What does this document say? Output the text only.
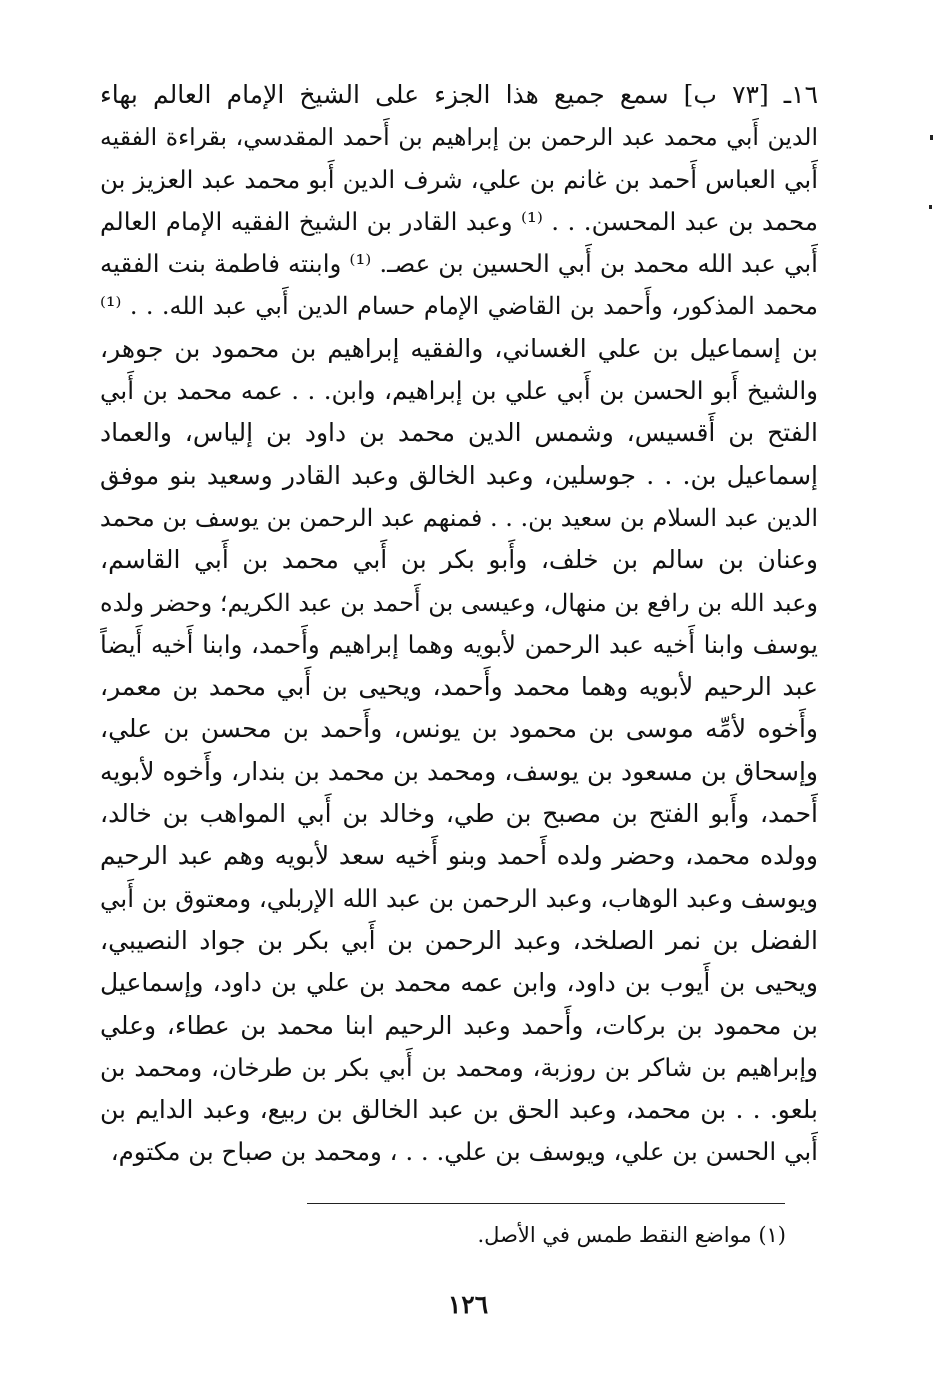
١٦ـ [٧٣ ب] سمع جميع هذا الجزء على الشيخ الإمام العالم بهاء
الدين أَبي محمد عبد الرحمن بن إبراهيم بن أَحمد المقدسي، بقراءة الفقيه
أَبي العباس أَحمد بن غانم بن علي، شرف الدين أَبو محمد عبد العزيز بن
محمد بن عبد المحسن. . . ⁽¹⁾ وعبد القادر بن الشيخ الفقيه الإمام العالم
أَبي عبد الله محمد بن أَبي الحسين بن عصـ. ⁽¹⁾ وابنته فاطمة بنت الفقيه
محمد المذكور، وأَحمد بن القاضي الإمام حسام الدين أَبي عبد الله. . . ⁽¹⁾
بن إسماعيل بن علي الغساني، والفقيه إبراهيم بن محمود بن جوهر،
والشيخ أَبو الحسن بن أَبي علي بن إبراهيم، وابن. . . عمه محمد بن أَبي
الفتح بن أَقسيس، وشمس الدين محمد بن داود بن إلياس، والعماد
إسماعيل بن. . . جوسلين، وعبد الخالق وعبد القادر وسعيد بنو موفق
الدين عبد السلام بن سعيد بن. . . فمنهم عبد الرحمن بن يوسف بن محمد
وعنان بن سالم بن خلف، وأَبو بكر بن أَبي محمد بن أَبي القاسم،
وعبد الله بن رافع بن منهال، وعيسى بن أَحمد بن عبد الكريم؛ وحضر ولده
يوسف وابنا أَخيه عبد الرحمن لأبويه وهما إبراهيم وأَحمد، وابنا أَخيه أَيضاً
عبد الرحيم لأبويه وهما محمد وأَحمد، ويحيى بن أَبي محمد بن معمر،
وأَخوه لأمِّه موسى بن محمود بن يونس، وأَحمد بن محسن بن علي،
وإسحاق بن مسعود بن يوسف، ومحمد بن محمد بن بندار، وأَخوه لأبويه
أَحمد، وأَبو الفتح بن مصبح بن طي، وخالد بن أَبي المواهب بن خالد،
وولده محمد، وحضر ولده أَحمد وبنو أَخيه سعد لأبويه وهم عبد الرحيم
ويوسف وعبد الوهاب، وعبد الرحمن بن عبد الله الإربلي، ومعتوق بن أَبي
الفضل بن نمر الصلخد، وعبد الرحمن بن أَبي بكر بن جواد النصيبي،
ويحيى بن أَيوب بن داود، وابن عمه محمد بن علي بن داود، وإسماعيل
بن محمود بن بركات، وأَحمد وعبد الرحيم ابنا محمد بن عطاء، وعلي
وإبراهيم بن شاكر بن روزبة، ومحمد بن أَبي بكر بن طرخان، ومحمد بن
بلعو. . . بن محمد، وعبد الحق بن عبد الخالق بن ربيع، وعبد الدايم بن
أَبي الحسن بن علي، ويوسف بن علي. . . ، ومحمد بن صباح بن مكتوم،
(١) مواضع النقط طمس في الأصل.
١٢٦
